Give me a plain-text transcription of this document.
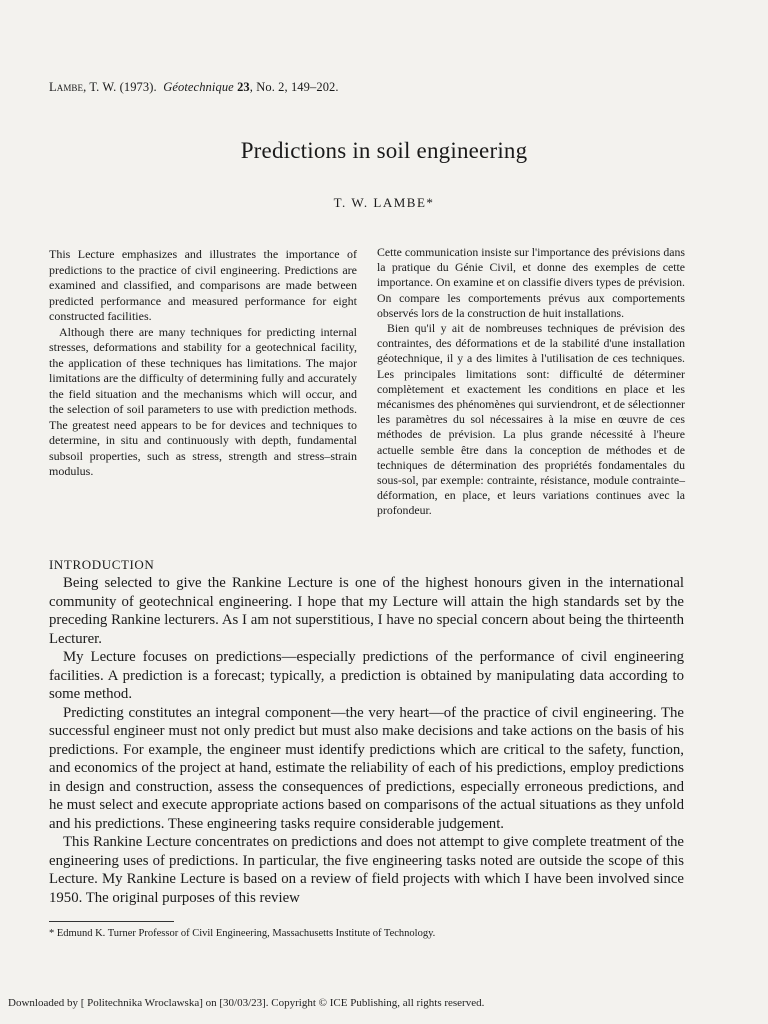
Lambe, T. W. (1973). Géotechnique 23, No. 2, 149–202.
Predictions in soil engineering
T. W. LAMBE*

This Lecture emphasizes and illustrates the importance of predictions to the practice of civil engineering. Predictions are examined and classified, and comparisons are made between predicted performance and measured performance for eight constructed facilities.

Although there are many techniques for predicting internal stresses, deformations and stability for a geotechnical facility, the application of these techniques has limitations. The major limitations are the difficulty of determining fully and accurately the field situation and the mechanisms which will occur, and the selection of soil parameters to use with prediction methods. The greatest need appears to be for devices and techniques to determine, in situ and continuously with depth, fundamental subsoil properties, such as stress, strength and stress–strain modulus.

Cette communication insiste sur l'importance des prévisions dans la pratique du Génie Civil, et donne des exemples de cette importance. On examine et on classifie divers types de prévision. On compare les comportements prévus aux comportements observés lors de la construction de huit installations.

Bien qu'il y ait de nombreuses techniques de prévision des contraintes, des déformations et de la stabilité d'une installation géotechnique, il y a des limites à l'utilisation de ces techniques. Les principales limitations sont: difficulté de déterminer complètement et exactement les conditions en place et les mécanismes des phénomènes qui surviendront, et de sélectionner les paramètres du sol nécessaires à la mise en œuvre de ces méthodes de prévision. La plus grande nécessité à l'heure actuelle semble être dans la conception de méthodes et de techniques de détermination des propriétés fondamentales du sous-sol, par exemple: contrainte, résistance, module contrainte–déformation, en place, et leurs variations continues avec la profondeur.

INTRODUCTION

Being selected to give the Rankine Lecture is one of the highest honours given in the international community of geotechnical engineering. I hope that my Lecture will attain the high standards set by the preceding Rankine lecturers. As I am not superstitious, I have no special concern about being the thirteenth Lecturer.

My Lecture focuses on predictions—especially predictions of the performance of civil engineering facilities. A prediction is a forecast; typically, a prediction is obtained by manipulating data according to some method.

Predicting constitutes an integral component—the very heart—of the practice of civil engineering. The successful engineer must not only predict but must also make decisions and take actions on the basis of his predictions. For example, the engineer must identify predictions which are critical to the safety, function, and economics of the project at hand, estimate the reliability of each of his predictions, employ predictions in design and construction, assess the consequences of predictions, especially erroneous predictions, and he must select and execute appropriate actions based on comparisons of the actual situations as they unfold and his predictions. These engineering tasks require considerable judgement.

This Rankine Lecture concentrates on predictions and does not attempt to give complete treatment of the engineering uses of predictions. In particular, the five engineering tasks noted are outside the scope of this Lecture. My Rankine Lecture is based on a review of field projects with which I have been involved since 1950. The original purposes of this review

* Edmund K. Turner Professor of Civil Engineering, Massachusetts Institute of Technology.
Downloaded by [ Politechnika Wroclawska] on [30/03/23]. Copyright © ICE Publishing, all rights reserved.
